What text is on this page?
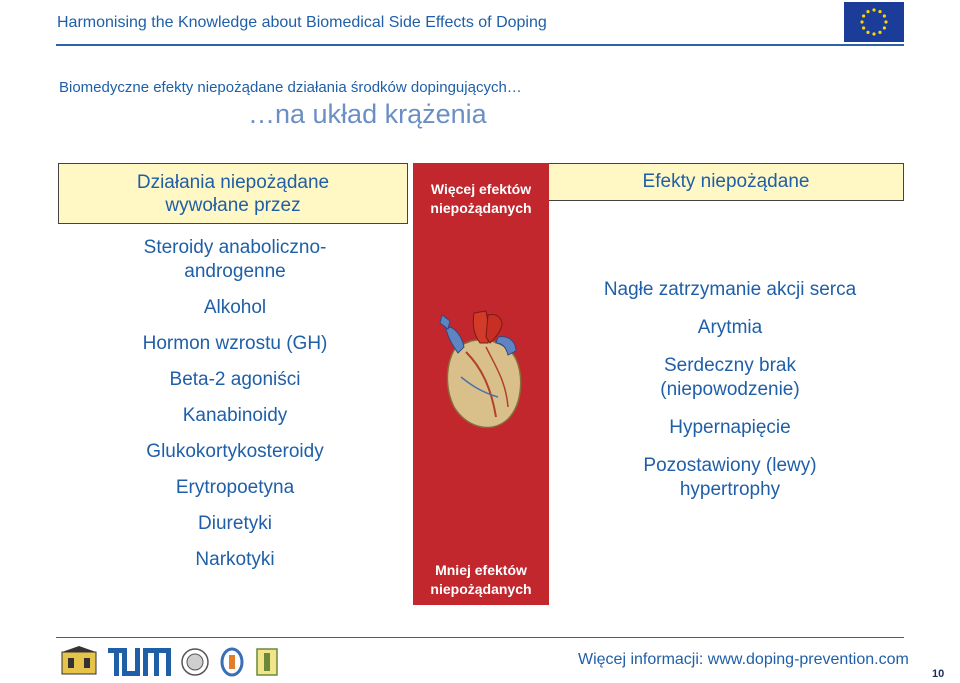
Harmonising the Knowledge about Biomedical Side Effects of Doping
Biomedyczne efekty niepożądane działania środków dopingujących…
…na układ krążenia
Działania niepożądane
wywołane przez
Efekty niepożądane
Więcej efektów
niepożądanych
Mniej efektów
niepożądanych
Steroidy anaboliczno-
androgenne
Alkohol
Hormon wzrostu (GH)
Beta-2 agoniści
Kanabinoidy
Glukokortykosteroidy
Erytropoetyna
Diuretyki
Narkotyki
Nagłe zatrzymanie akcji serca
Arytmia
Serdeczny brak
(niepowodzenie)
Hypernapięcie
Pozostawiony (lewy)
hypertrophy
Więcej informacji: www.doping-prevention.com
10
